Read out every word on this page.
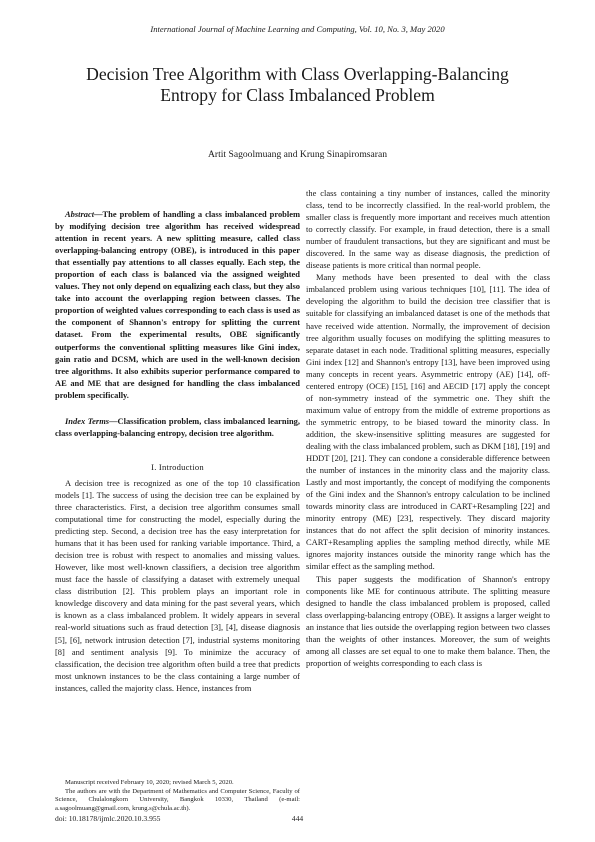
International Journal of Machine Learning and Computing, Vol. 10, No. 3, May 2020
Decision Tree Algorithm with Class Overlapping-Balancing Entropy for Class Imbalanced Problem
Artit Sagoolmuang and Krung Sinapiromsaran

Abstract—The problem of handling a class imbalanced problem by modifying decision tree algorithm has received widespread attention in recent years. A new splitting measure, called class overlapping-balancing entropy (OBE), is introduced in this paper that essentially pay attentions to all classes equally. Each step, the proportion of each class is balanced via the assigned weighted values. They not only depend on equalizing each class, but they also take into account the overlapping region between classes. The proportion of weighted values corresponding to each class is used as the component of Shannon's entropy for splitting the current dataset. From the experimental results, OBE significantly outperforms the conventional splitting measures like Gini index, gain ratio and DCSM, which are used in the well-known decision tree algorithms. It also exhibits superior performance compared to AE and ME that are designed for handling the class imbalanced problem specifically.

Index Terms—Classification problem, class imbalanced learning, class overlapping-balancing entropy, decision tree algorithm.

I. Introduction

A decision tree is recognized as one of the top 10 classification models [1]. The success of using the decision tree can be explained by three characteristics. First, a decision tree algorithm consumes small computational time for constructing the model, especially during the predicting step. Second, a decision tree has the easy interpretation for humans that it has been used for ranking variable importance. Third, a decision tree is robust with respect to anomalies and missing values. However, like most well-known classifiers, a decision tree algorithm must face the hassle of classifying a dataset with extremely unequal class distribution [2]. This problem plays an important role in knowledge discovery and data mining for the past several years, which is known as a class imbalanced problem. It widely appears in several real-world situations such as fraud detection [3], [4], disease diagnosis [5], [6], network intrusion detection [7], industrial systems monitoring [8] and sentiment analysis [9]. To minimize the accuracy of classification, the decision tree algorithm often build a tree that predicts most unknown instances to be the class containing a large number of instances, called the majority class. Hence, instances from

the class containing a tiny number of instances, called the minority class, tend to be incorrectly classified. In the real-world problem, the smaller class is frequently more important and receives much attention to correctly classify. For example, in fraud detection, there is a small number of fraudulent transactions, but they are significant and must be discovered. In the same way as disease diagnosis, the prediction of disease patients is more critical than normal people.

Many methods have been presented to deal with the class imbalanced problem using various techniques [10], [11]. The idea of developing the algorithm to build the decision tree classifier that is suitable for classifying an imbalanced dataset is one of the methods that have received wide attention. Normally, the improvement of decision tree algorithm usually focuses on modifying the splitting measures to separate dataset in each node. Traditional splitting measures, especially Gini index [12] and Shannon's entropy [13], have been improved using many concepts in recent years. Asymmetric entropy (AE) [14], off-centered entropy (OCE) [15], [16] and AECID [17] apply the concept of non-symmetry instead of the symmetric one. They shift the maximum value of entropy from the middle of extreme proportions as the symmetric entropy, to be biased toward the minority class. In addition, the skew-insensitive splitting measures are suggested for dealing with the class imbalanced problem, such as DKM [18], [19] and HDDT [20], [21]. They can condone a considerable difference between the number of instances in the minority class and the majority class. Lastly and most importantly, the concept of modifying the components of the Gini index and the Shannon's entropy calculation to be inclined towards minority class are introduced in CART+Resampling [22] and minority entropy (ME) [23], respectively. They discard majority instances that do not affect the split decision of minority instances. CART+Resampling applies the sampling method directly, while ME ignores majority instances outside the minority range which has the similar effect as the sampling method.

This paper suggests the modification of Shannon's entropy components like ME for continuous attribute. The splitting measure designed to handle the class imbalanced problem is proposed, called class overlapping-balancing entropy (OBE). It assigns a larger weight to an instance that lies outside the overlapping region between two classes than the weights of other instances. Moreover, the sum of weights among all classes are set equal to one to make them balance. Then, the proportion of weights corresponding to each class is

Manuscript received February 10, 2020; revised March 5, 2020.

The authors are with the Department of Mathematics and Computer Science, Faculty of Science, Chulalongkorn University, Bangkok 10330, Thailand (e-mail: a.sagoolmuang@gmail.com, krung.s@chula.ac.th).

doi: 10.18178/ijmlc.2020.10.3.955	444
